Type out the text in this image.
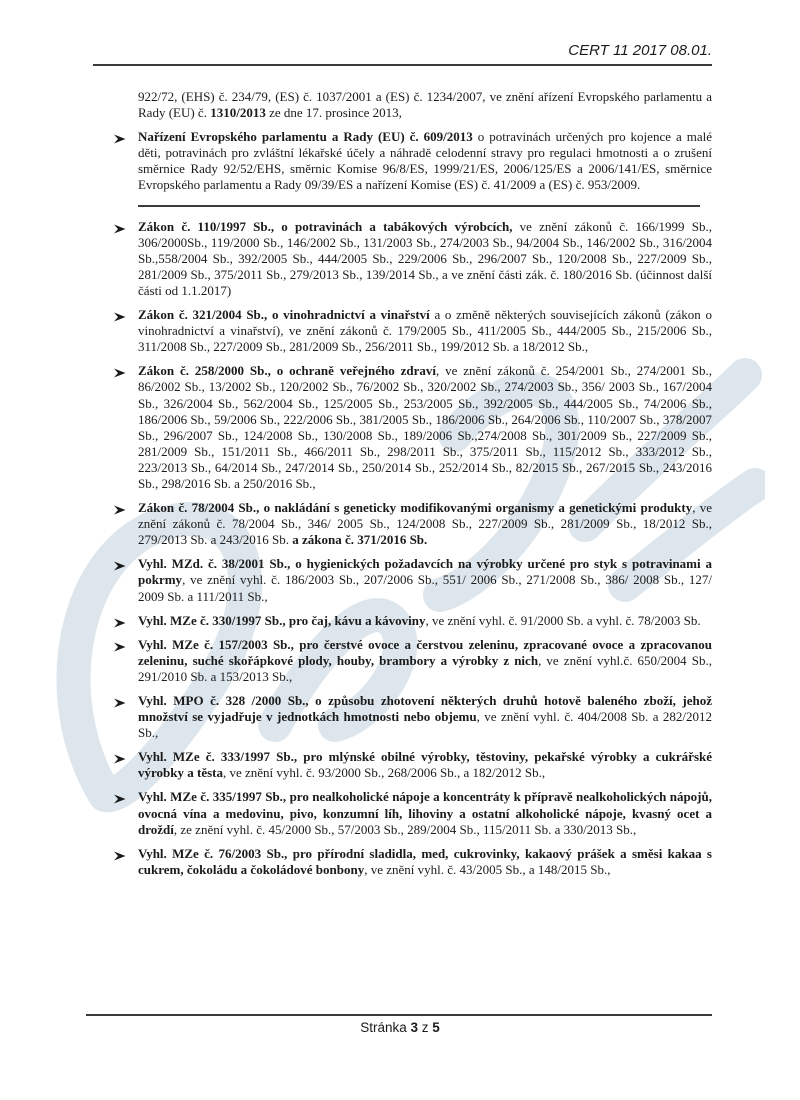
CERT 11 2017 08.01.
922/72, (EHS) č. 234/79, (ES) č. 1037/2001 a (ES) č. 1234/2007, ve znění ařízení Evropského parlamentu a Rady (EU) č. 1310/2013 ze dne 17. prosince 2013,
Nařízení Evropského parlamentu a Rady (EU) č. 609/2013 o potravinách určených pro kojence a malé děti, potravinách pro zvláštní lékařské účely a náhradě celodenní stravy pro regulaci hmotnosti a o zrušení směrnice Rady 92/52/EHS, směrnic Komise 96/8/ES, 1999/21/ES, 2006/125/ES a 2006/141/ES, směrnice Evropského parlamentu a Rady 09/39/ES a nařízení Komise (ES) č. 41/2009 a (ES) č. 953/2009.
Zákon č. 110/1997 Sb., o potravinách a tabákových výrobcích, ve znění zákonů č. 166/1999 Sb., 306/2000Sb., 119/2000 Sb., 146/2002 Sb., 131/2003 Sb., 274/2003 Sb., 94/2004 Sb., 146/2002 Sb., 316/2004 Sb.,558/2004 Sb., 392/2005 Sb., 444/2005 Sb., 229/2006 Sb., 296/2007 Sb., 120/2008 Sb., 227/2009 Sb., 281/2009 Sb., 375/2011 Sb., 279/2013 Sb., 139/2014 Sb., a ve znění části zák. č. 180/2016 Sb. (účinnost další části od 1.1.2017)
Zákon č. 321/2004 Sb., o vinohradnictví a vinařství a o změně některých souvisejících zákonů (zákon o vinohradnictví a vinařství), ve znění zákonů č. 179/2005 Sb., 411/2005 Sb., 444/2005 Sb., 215/2006 Sb., 311/2008 Sb., 227/2009 Sb., 281/2009 Sb., 256/2011 Sb., 199/2012 Sb. a 18/2012 Sb.,
Zákon č. 258/2000 Sb., o ochraně veřejného zdraví, ve znění zákonů č. 254/2001 Sb., 274/2001 Sb., 86/2002 Sb., 13/2002 Sb., 120/2002 Sb., 76/2002 Sb., 320/2002 Sb., 274/2003 Sb., 356/ 2003 Sb., 167/2004 Sb., 326/2004 Sb., 562/2004 Sb., 125/2005 Sb., 253/2005 Sb., 392/2005 Sb., 444/2005 Sb., 74/2006 Sb., 186/2006 Sb., 59/2006 Sb., 222/2006 Sb., 381/2005 Sb., 186/2006 Sb., 264/2006 Sb., 110/2007 Sb., 378/2007 Sb., 296/2007 Sb., 124/2008 Sb., 130/2008 Sb., 189/2006 Sb.,274/2008 Sb., 301/2009 Sb., 227/2009 Sb., 281/2009 Sb., 151/2011 Sb., 466/2011 Sb., 298/2011 Sb., 375/2011 Sb., 115/2012 Sb., 333/2012 Sb., 223/2013 Sb., 64/2014 Sb., 247/2014 Sb., 250/2014 Sb., 252/2014 Sb., 82/2015 Sb., 267/2015 Sb., 243/2016 Sb., 298/2016 Sb. a 250/2016 Sb.,
Zákon č. 78/2004 Sb., o nakládání s geneticky modifikovanými organismy a genetickými produkty, ve znění zákonů č. 78/2004 Sb., 346/ 2005 Sb., 124/2008 Sb., 227/2009 Sb., 281/2009 Sb., 18/2012 Sb., 279/2013 Sb. a 243/2016 Sb. a zákona č. 371/2016 Sb.
Vyhl. MZd. č. 38/2001 Sb., o hygienických požadavcích na výrobky určené pro styk s potravinami a pokrmy, ve znění vyhl. č. 186/2003 Sb., 207/2006 Sb., 551/ 2006 Sb., 271/2008 Sb., 386/ 2008 Sb., 127/ 2009 Sb. a 111/2011 Sb.,
Vyhl. MZe č. 330/1997 Sb., pro čaj, kávu a kávoviny, ve znění vyhl. č. 91/2000 Sb. a vyhl. č. 78/2003 Sb.
Vyhl. MZe č. 157/2003 Sb., pro čerstvé ovoce a čerstvou zeleninu, zpracované ovoce a zpracovanou zeleninu, suché skořápkové plody, houby, brambory a výrobky z nich, ve znění vyhl.č. 650/2004 Sb., 291/2010 Sb. a 153/2013 Sb.,
Vyhl. MPO č. 328 /2000 Sb., o způsobu zhotovení některých druhů hotově baleného zboží, jehož množství se vyjadřuje v jednotkách hmotnosti nebo objemu, ve znění vyhl. č. 404/2008 Sb. a 282/2012 Sb.,
Vyhl. MZe č. 333/1997 Sb., pro mlýnské obilné výrobky, těstoviny, pekařské výrobky a cukrářské výrobky a těsta, ve znění vyhl. č. 93/2000 Sb., 268/2006 Sb., a 182/2012 Sb.,
Vyhl. MZe č. 335/1997 Sb., pro nealkoholické nápoje a koncentráty k přípravě nealkoholických nápojů, ovocná vína a medovinu, pivo, konzumní líh, lihoviny a ostatní alkoholické nápoje, kvasný ocet a droždí, ze znění vyhl. č. 45/2000 Sb., 57/2003 Sb., 289/2004 Sb., 115/2011 Sb. a 330/2013 Sb.,
Vyhl. MZe č. 76/2003 Sb., pro přírodní sladidla, med, cukrovinky, kakaový prášek a směsi kakaa s cukrem, čokoládu a čokoládové bonbony, ve znění vyhl. č. 43/2005 Sb., a 148/2015 Sb.,
Stránka 3 z 5
